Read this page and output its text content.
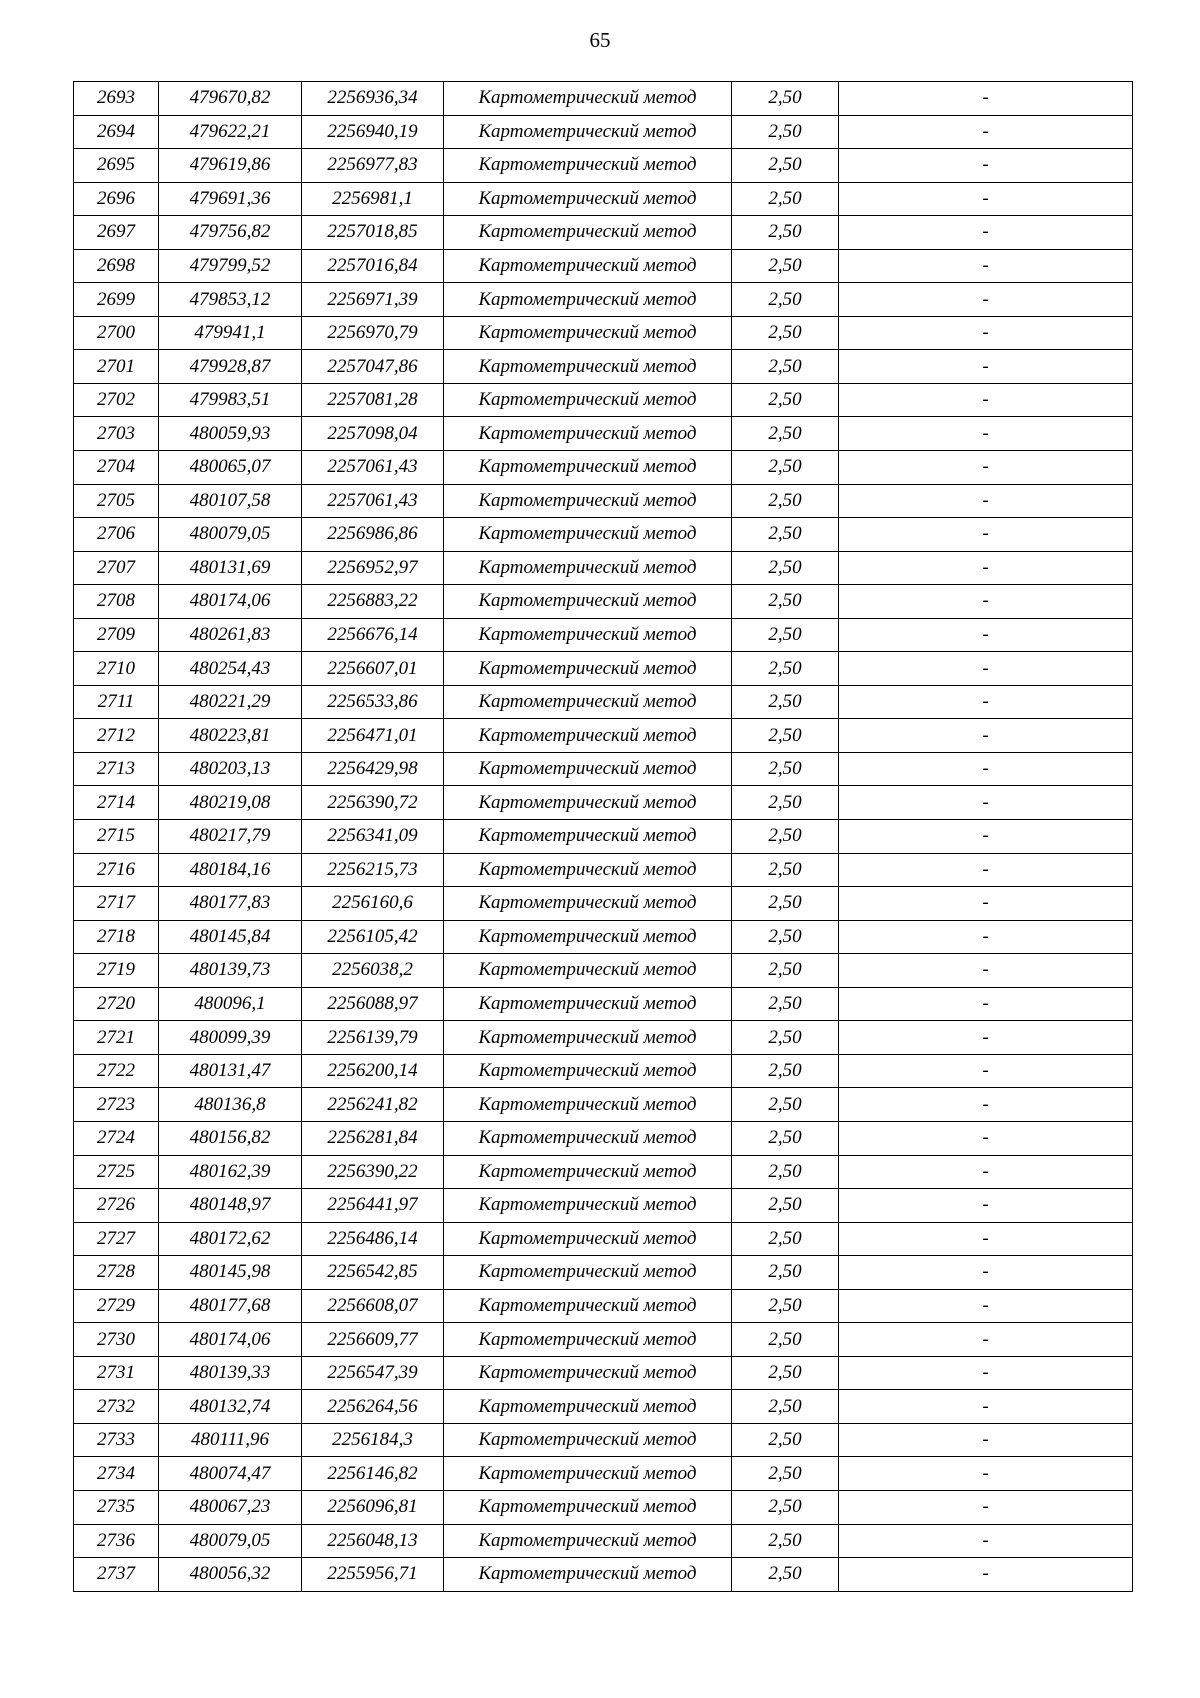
65
2693	479670,82	2256936,34	Картометрический метод	2,50	-
2694	479622,21	2256940,19	Картометрический метод	2,50	-
2695	479619,86	2256977,83	Картометрический метод	2,50	-
2696	479691,36	2256981,1	Картометрический метод	2,50	-
2697	479756,82	2257018,85	Картометрический метод	2,50	-
2698	479799,52	2257016,84	Картометрический метод	2,50	-
2699	479853,12	2256971,39	Картометрический метод	2,50	-
2700	479941,1	2256970,79	Картометрический метод	2,50	-
2701	479928,87	2257047,86	Картометрический метод	2,50	-
2702	479983,51	2257081,28	Картометрический метод	2,50	-
2703	480059,93	2257098,04	Картометрический метод	2,50	-
2704	480065,07	2257061,43	Картометрический метод	2,50	-
2705	480107,58	2257061,43	Картометрический метод	2,50	-
2706	480079,05	2256986,86	Картометрический метод	2,50	-
2707	480131,69	2256952,97	Картометрический метод	2,50	-
2708	480174,06	2256883,22	Картометрический метод	2,50	-
2709	480261,83	2256676,14	Картометрический метод	2,50	-
2710	480254,43	2256607,01	Картометрический метод	2,50	-
2711	480221,29	2256533,86	Картометрический метод	2,50	-
2712	480223,81	2256471,01	Картометрический метод	2,50	-
2713	480203,13	2256429,98	Картометрический метод	2,50	-
2714	480219,08	2256390,72	Картометрический метод	2,50	-
2715	480217,79	2256341,09	Картометрический метод	2,50	-
2716	480184,16	2256215,73	Картометрический метод	2,50	-
2717	480177,83	2256160,6	Картометрический метод	2,50	-
2718	480145,84	2256105,42	Картометрический метод	2,50	-
2719	480139,73	2256038,2	Картометрический метод	2,50	-
2720	480096,1	2256088,97	Картометрический метод	2,50	-
2721	480099,39	2256139,79	Картометрический метод	2,50	-
2722	480131,47	2256200,14	Картометрический метод	2,50	-
2723	480136,8	2256241,82	Картометрический метод	2,50	-
2724	480156,82	2256281,84	Картометрический метод	2,50	-
2725	480162,39	2256390,22	Картометрический метод	2,50	-
2726	480148,97	2256441,97	Картометрический метод	2,50	-
2727	480172,62	2256486,14	Картометрический метод	2,50	-
2728	480145,98	2256542,85	Картометрический метод	2,50	-
2729	480177,68	2256608,07	Картометрический метод	2,50	-
2730	480174,06	2256609,77	Картометрический метод	2,50	-
2731	480139,33	2256547,39	Картометрический метод	2,50	-
2732	480132,74	2256264,56	Картометрический метод	2,50	-
2733	480111,96	2256184,3	Картометрический метод	2,50	-
2734	480074,47	2256146,82	Картометрический метод	2,50	-
2735	480067,23	2256096,81	Картометрический метод	2,50	-
2736	480079,05	2256048,13	Картометрический метод	2,50	-
2737	480056,32	2255956,71	Картометрический метод	2,50	-
